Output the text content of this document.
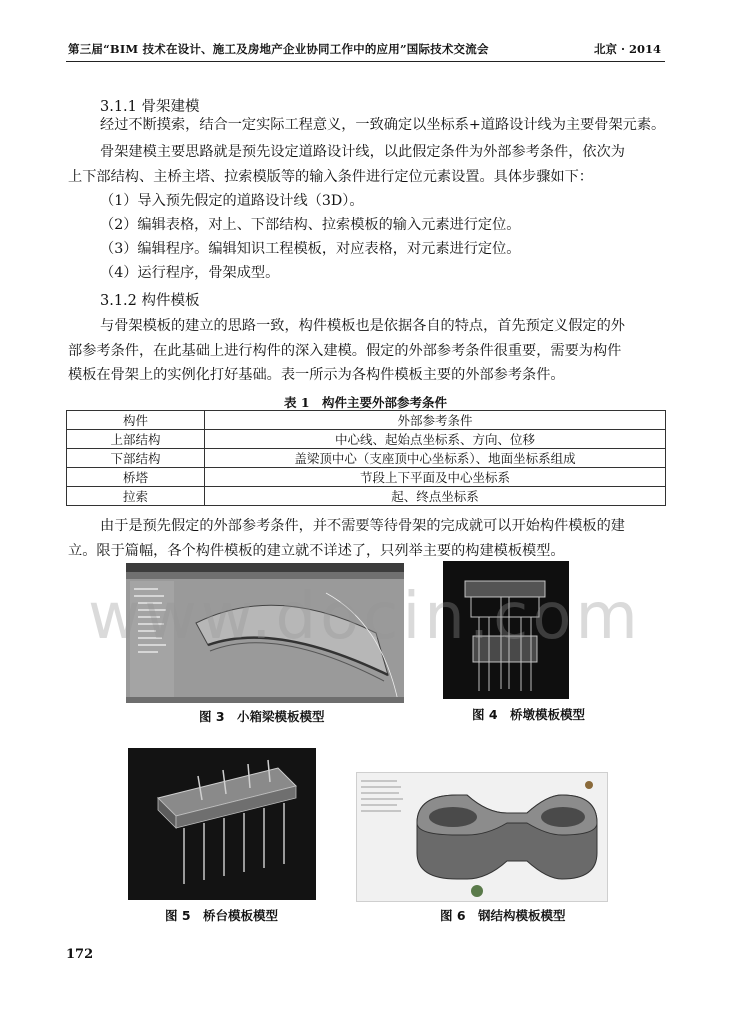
第三届“BIM 技术在设计、施工及房地产企业协同工作中的应用”国际技术交流会	北京 · 2014
3.1.1 骨架建模
经过不断摸索，结合一定实际工程意义，一致确定以坐标系+道路设计线为主要骨架元素。
骨架建模主要思路就是预先设定道路设计线，以此假定条件为外部参考条件，依次为
上下部结构、主桥主塔、拉索模版等的输入条件进行定位元素设置。具体步骤如下：
（1）导入预先假定的道路设计线（3D）。
（2）编辑表格，对上、下部结构、拉索模板的输入元素进行定位。
（3）编辑程序。编辑知识工程模板，对应表格，对元素进行定位。
（4）运行程序，骨架成型。
3.1.2 构件模板
与骨架模板的建立的思路一致，构件模板也是依据各自的特点，首先预定义假定的外
部参考条件，在此基础上进行构件的深入建模。假定的外部参考条件很重要，需要为构件
模板在骨架上的实例化打好基础。表一所示为各构件模板主要的外部参考条件。
表 1　构件主要外部参考条件
构件	外部参考条件
上部结构	中心线、起始点坐标系、方向、位移
下部结构	盖梁顶中心（支座顶中心坐标系）、地面坐标系组成
桥塔	节段上下平面及中心坐标系
拉索	起、终点坐标系
由于是预先假定的外部参考条件，并不需要等待骨架的完成就可以开始构件模板的建
立。限于篇幅，各个构件模板的建立就不详述了，只列举主要的构建模板模型。
图 3　小箱梁模板模型	图 4　桥墩模板模型
www.docin.com
图 5　桥台模板模型	图 6　钢结构模板模型
172
